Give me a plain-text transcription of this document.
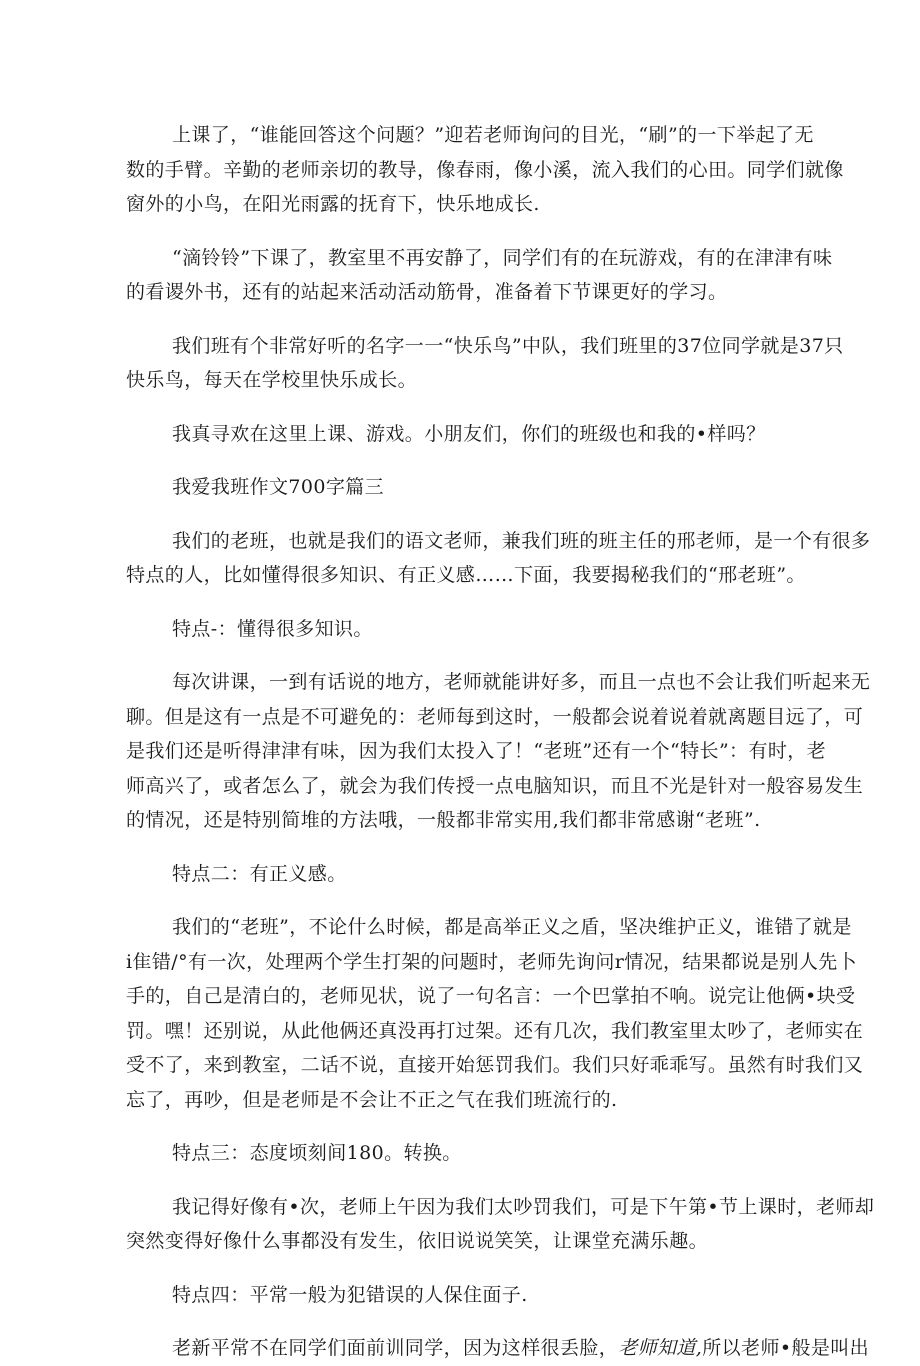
上课了，“谁能回答这个问题？”迎若老师询问的目光，“刷”的一下举起了无
数的手臂。辛勤的老师亲切的教导，像春雨，像小溪，流入我们的心田。同学们就像
窗外的小鸟，在阳光雨露的抚育下，快乐地成长.
“滴铃铃”下课了，教室里不再安静了，同学们有的在玩游戏，有的在津津有味
的看谡外书，还有的站起来活动活动筋骨，准备着下节课更好的学习。
我们班有个非常好听的名字一一“快乐鸟”中队，我们班里的37位同学就是37只
快乐鸟，每天在学校里快乐成长。
我真寻欢在这里上课、游戏。小朋友们，你们的班级也和我的•样吗？
我爱我班作文700字篇三
我们的老班，也就是我们的语文老师，兼我们班的班主任的邢老师，是一个有很多
特点的人，比如懂得很多知识、有正义感……下面，我要揭秘我们的“邢老班”。
特点-：懂得很多知识。
每次讲课，一到有话说的地方，老师就能讲好多，而且一点也不会让我们听起来无
聊。但是这有一点是不可避免的：老师每到这时，一般都会说着说着就离题目远了，可
是我们还是听得津津有味，因为我们太投入了！“老班”还有一个“特长”：有时，老
师高兴了，或者怎么了，就会为我们传授一点电脑知识，而且不光是针对一般容易发生
的情况，还是特别简堆的方法哦，一般都非常实用,我们都非常感谢“老班”.
特点二：有正义感。
我们的“老班”，不论什么时候，都是高举正义之盾，坚决维护正义，谁错了就是
i隹错/°有一次，处理两个学生打架的问题时，老师先询问r情况，结果都说是别人先卜
手的，自己是清白的，老师见状，说了一句名言：一个巴掌拍不响。说完让他俩•块受
罚。嘿！还别说，从此他俩还真没再打过架。还有几次，我们教室里太吵了，老师实在
受不了，来到教室，二话不说，直接开始惩罚我们。我们只好乖乖写。虽然有时我们又
忘了，再吵，但是老师是不会让不正之气在我们班流行的.
特点三：态度顷刻间180。转换。
我记得好像有•次，老师上午因为我们太吵罚我们，可是下午第•节上课时，老师却
突然变得好像什么事都没有发生，依旧说说笑笑，让课堂充满乐趣。
特点四：平常一般为犯错误的人保住面子.
老新平常不在同学们面前训同学，因为这样很丢脸，老师知道,所以老师•般是叫出
